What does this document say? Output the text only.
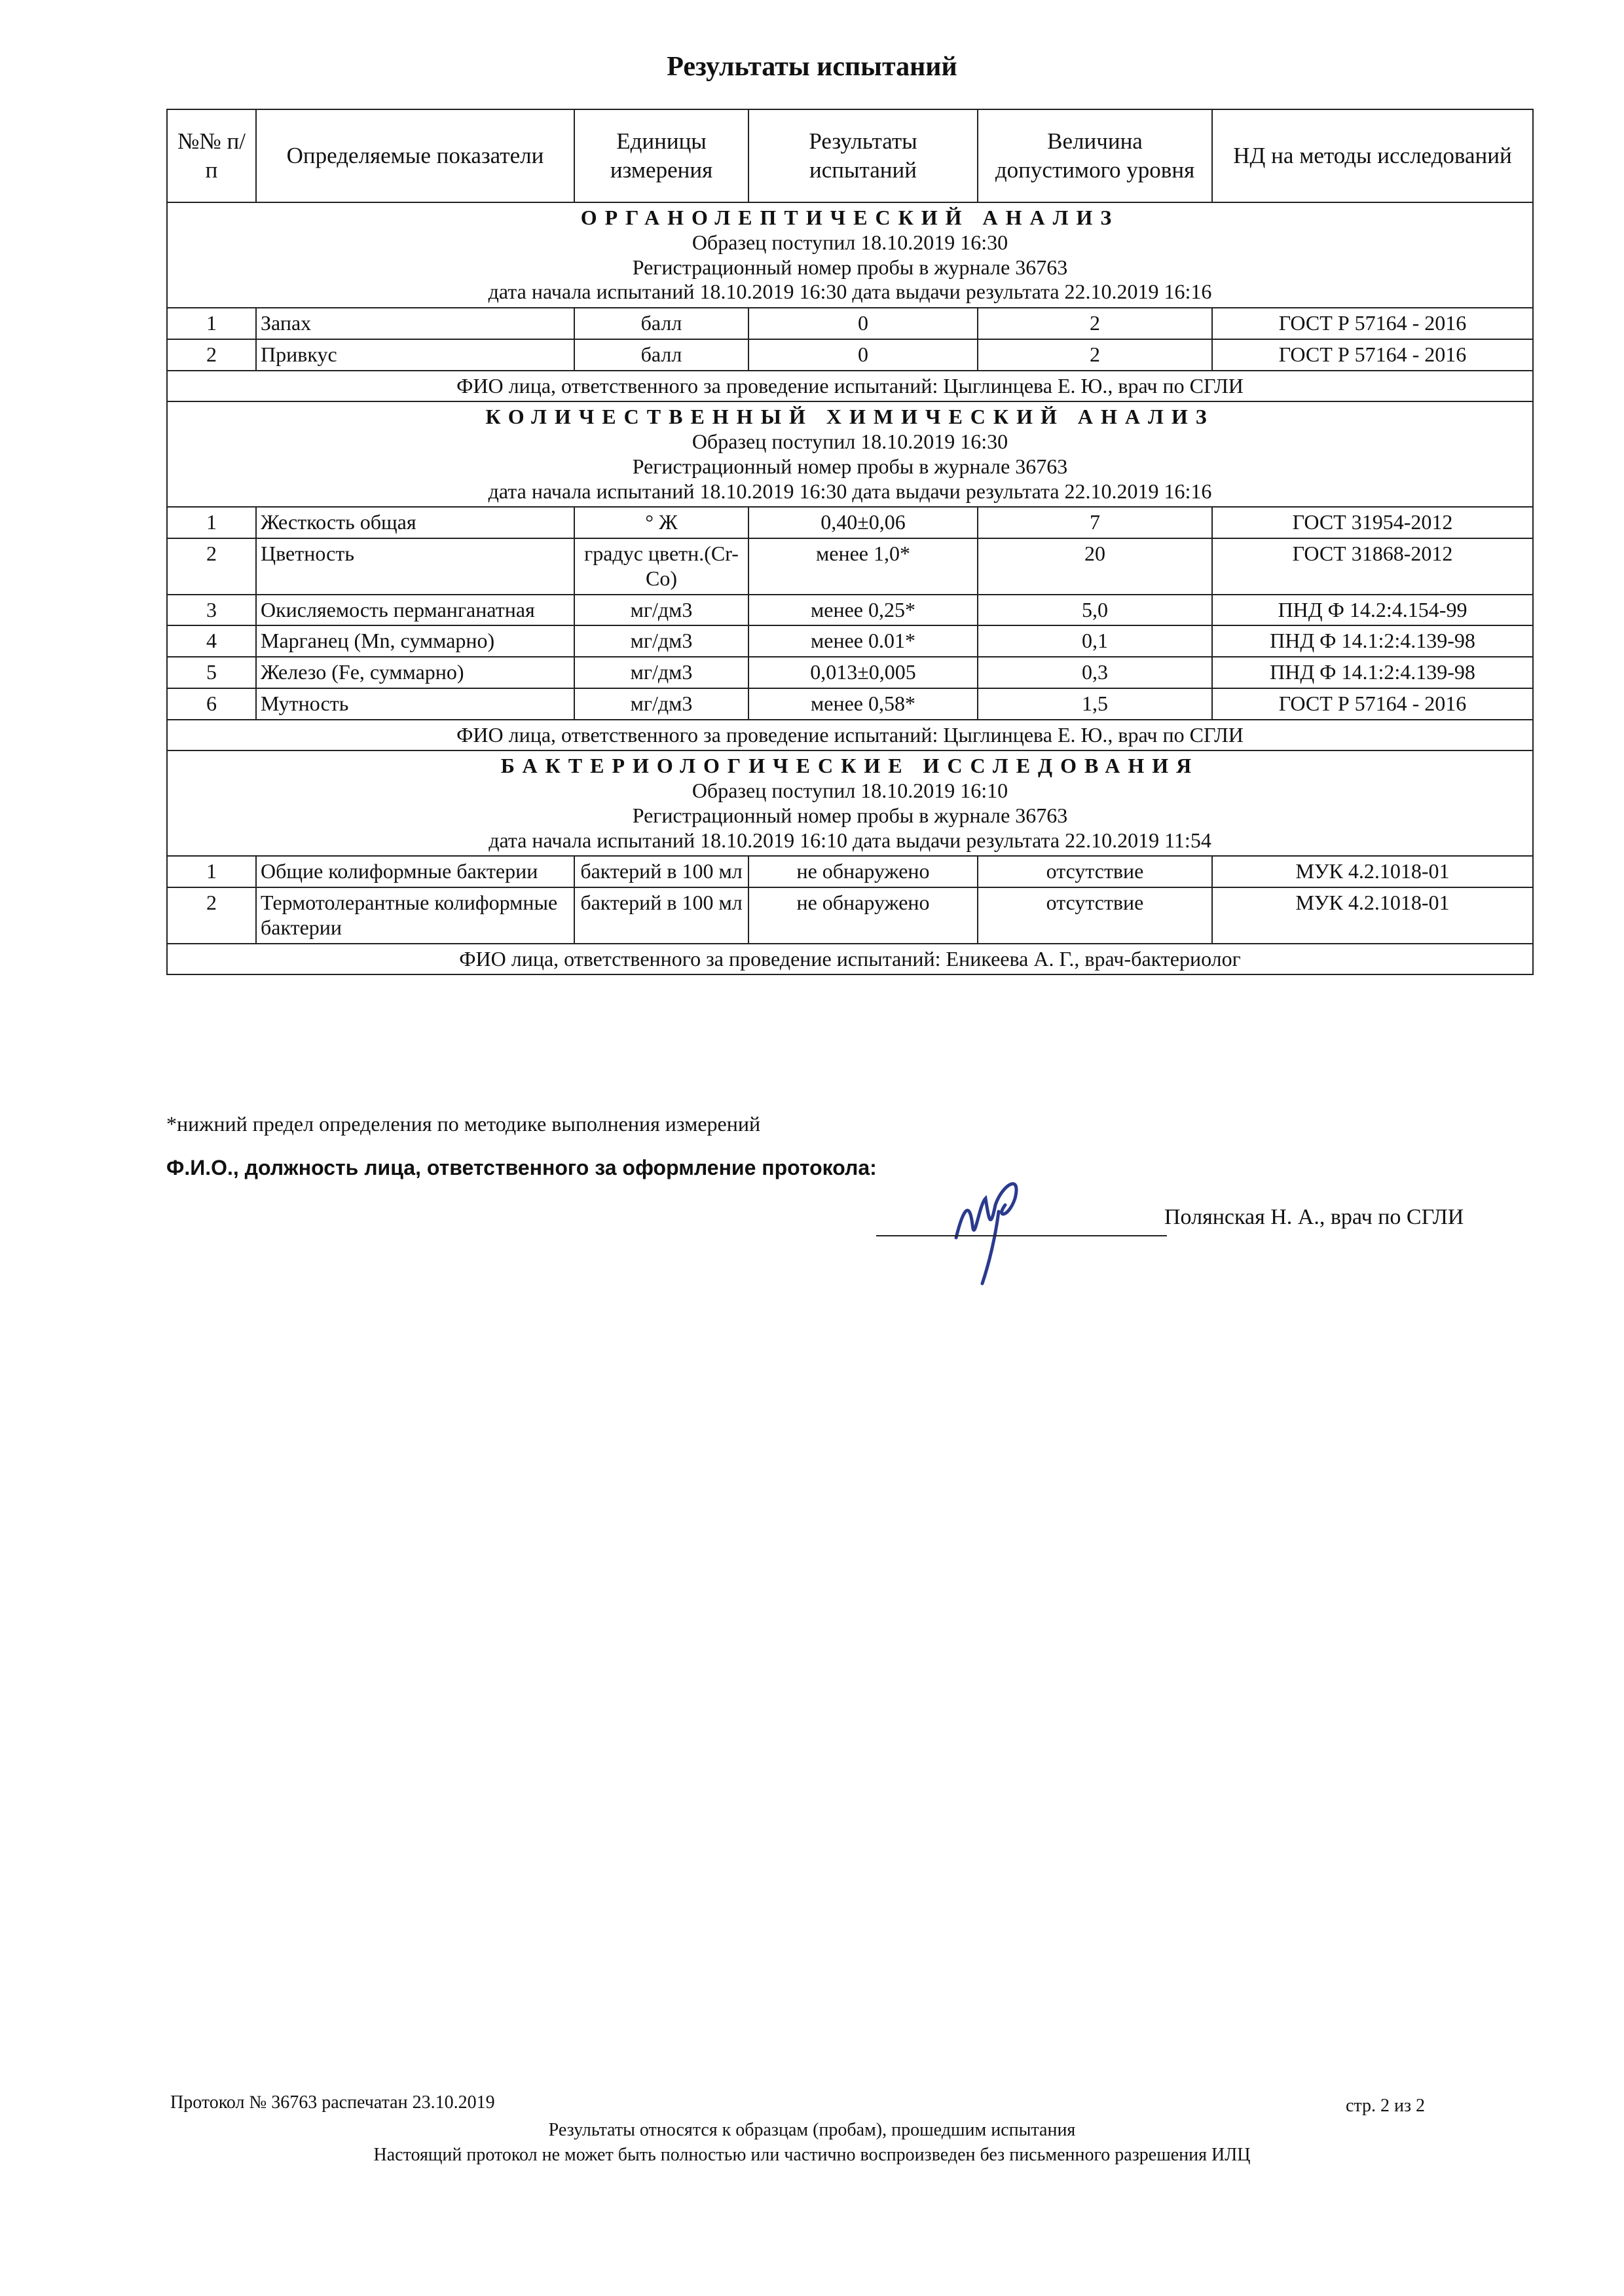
Результаты испытаний
№№ п/п	Определяемые показатели	Единицы измерения	Результаты испытаний	Величина допустимого уровня	НД на методы исследований

ОРГАНОЛЕПТИЧЕСКИЙ АНАЛИЗ
Образец поступил 18.10.2019 16:30
Регистрационный номер пробы в журнале 36763
дата начала испытаний 18.10.2019 16:30 дата выдачи результата 22.10.2019 16:16					

1	Запах	балл	0	2	ГОСТ Р 57164 - 2016
2	Привкус	балл	0	2	ГОСТ Р 57164 - 2016
ФИО лица, ответственного за проведение испытаний: Цыглинцева Е. Ю., врач по СГЛИ					

КОЛИЧЕСТВЕННЫЙ ХИМИЧЕСКИЙ АНАЛИЗ
Образец поступил 18.10.2019 16:30
Регистрационный номер пробы в журнале 36763
дата начала испытаний 18.10.2019 16:30 дата выдачи результата 22.10.2019 16:16					

1	Жесткость общая	° Ж	0,40±0,06	7	ГОСТ 31954-2012
2	Цветность	градус цветн.(Cr-Co)	менее 1,0*	20	ГОСТ 31868-2012
3	Окисляемость перманганатная	мг/дм3	менее 0,25*	5,0	ПНД Ф 14.2:4.154-99
4	Марганец (Mn, суммарно)	мг/дм3	менее 0.01*	0,1	ПНД Ф 14.1:2:4.139-98
5	Железо (Fe, суммарно)	мг/дм3	0,013±0,005	0,3	ПНД Ф 14.1:2:4.139-98
6	Мутность	мг/дм3	менее 0,58*	1,5	ГОСТ Р 57164 - 2016
ФИО лица, ответственного за проведение испытаний: Цыглинцева Е. Ю., врач по СГЛИ					

БАКТЕРИОЛОГИЧЕСКИЕ ИССЛЕДОВАНИЯ
Образец поступил 18.10.2019 16:10
Регистрационный номер пробы в журнале 36763
дата начала испытаний 18.10.2019 16:10 дата выдачи результата 22.10.2019 11:54					

1	Общие колиформные бактерии	бактерий в 100 мл	не обнаружено	отсутствие	МУК 4.2.1018-01
2	Термотолерантные колиформные бактерии	бактерий в 100 мл	не обнаружено	отсутствие	МУК 4.2.1018-01
ФИО лица, ответственного за проведение испытаний: Еникеева А. Г., врач-бактериолог					
*нижний предел определения по методике выполнения измерений
Ф.И.О., должность лица, ответственного за оформление протокола:
Полянская Н. А., врач по СГЛИ
Протокол № 36763 распечатан 23.10.2019	стр. 2 из 2
Результаты относятся к образцам (пробам), прошедшим испытания
Настоящий протокол не может быть полностью или частично воспроизведен без письменного разрешения ИЛЦ
